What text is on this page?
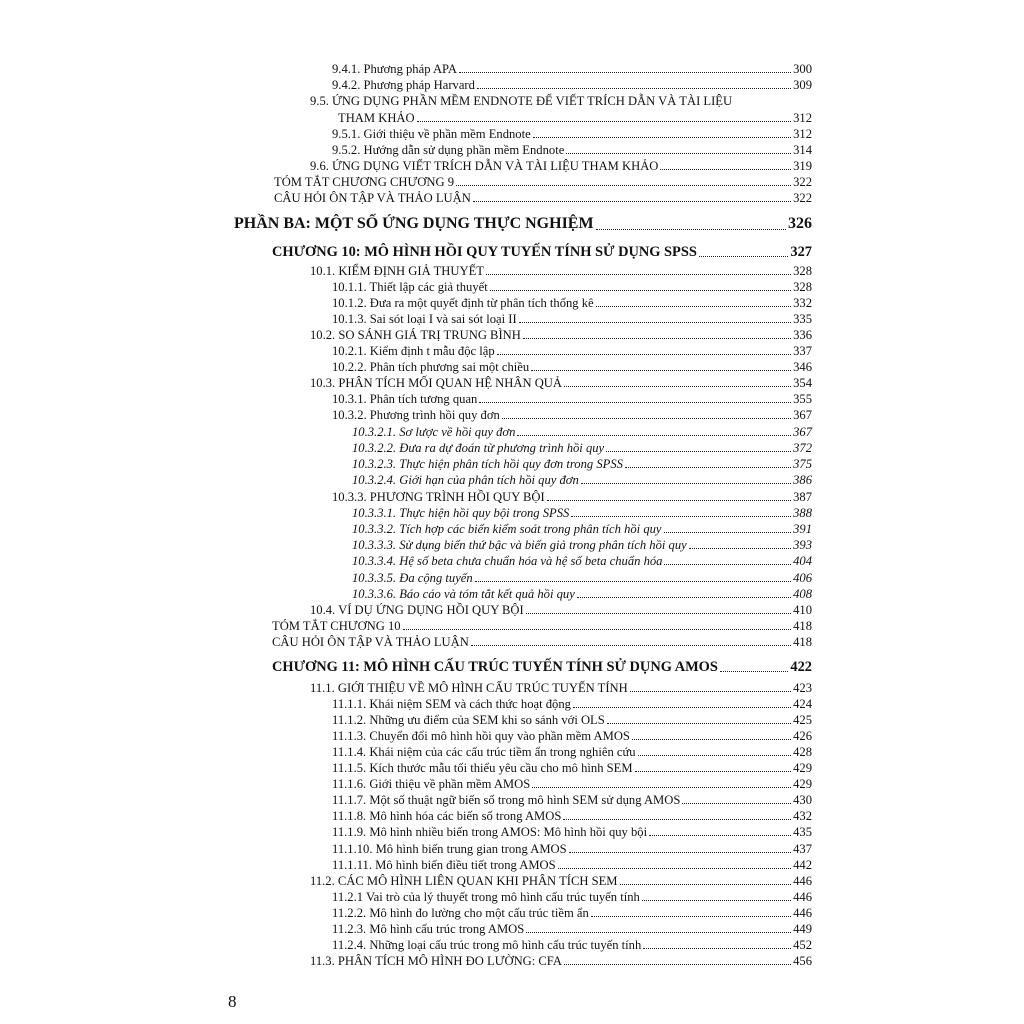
9.4.1. Phương pháp APA	300
9.4.2. Phương pháp Harvard	309
9.5. ỨNG DỤNG PHẦN MỀM ENDNOTE ĐỂ VIẾT TRÍCH DẪN VÀ TÀI LIỆU
THAM KHẢO	312
9.5.1. Giới thiệu về phần mềm Endnote	312
9.5.2. Hướng dẫn sử dụng phần mềm Endnote	314
9.6. ỨNG DỤNG VIẾT TRÍCH DẪN VÀ TÀI LIỆU THAM KHẢO	319
TÓM TẮT CHƯƠNG CHƯƠNG 9	322
CÂU HỎI ÔN TẬP VÀ THẢO LUẬN	322
PHẦN BA: MỘT SỐ ỨNG DỤNG THỰC NGHIỆM	326
CHƯƠNG 10: MÔ HÌNH HỒI QUY TUYẾN TÍNH SỬ DỤNG SPSS	327
10.1. KIỂM ĐỊNH GIẢ THUYẾT	328
10.1.1. Thiết lập các giả thuyết	328
10.1.2. Đưa ra một quyết định từ phân tích thống kê	332
10.1.3. Sai sót loại I và sai sót loại II	335
10.2. SO SÁNH GIÁ TRỊ TRUNG BÌNH	336
10.2.1. Kiểm định t mẫu độc lập	337
10.2.2. Phân tích phương sai một chiều	346
10.3. PHÂN TÍCH MỐI QUAN HỆ NHÂN QUẢ	354
10.3.1. Phân tích tương quan	355
10.3.2. Phương trình hồi quy đơn	367
10.3.2.1. Sơ lược về hồi quy đơn	367
10.3.2.2. Đưa ra dự đoán từ phương trình hồi quy	372
10.3.2.3. Thực hiện phân tích hồi quy đơn trong SPSS	375
10.3.2.4. Giới hạn của phân tích hồi quy đơn	386
10.3.3. PHƯƠNG TRÌNH HỒI QUY BỘI	387
10.3.3.1. Thực hiện hồi quy bội trong SPSS	388
10.3.3.2. Tích hợp các biến kiểm soát trong phân tích hồi quy	391
10.3.3.3. Sử dụng biến thứ bậc và biến giả trong phân tích hồi quy	393
10.3.3.4. Hệ số beta chưa chuẩn hóa và hệ số beta chuẩn hóa	404
10.3.3.5. Đa cộng tuyến	406
10.3.3.6. Báo cáo và tóm tắt kết quả hồi quy	408
10.4. VÍ DỤ ỨNG DỤNG HỒI QUY BỘI	410
TÓM TẮT CHƯƠNG 10	418
CÂU HỎI ÔN TẬP VÀ THẢO LUẬN	418
CHƯƠNG 11: MÔ HÌNH CẤU TRÚC TUYẾN TÍNH SỬ DỤNG AMOS	422
11.1. GIỚI THIỆU VỀ MÔ HÌNH CẤU TRÚC TUYẾN TÍNH	423
11.1.1. Khái niệm SEM và cách thức hoạt động	424
11.1.2. Những ưu điểm của SEM khi so sánh với OLS	425
11.1.3. Chuyển đổi mô hình hồi quy vào phần mềm AMOS	426
11.1.4. Khái niệm của các cấu trúc tiềm ẩn trong nghiên cứu	428
11.1.5. Kích thước mẫu tối thiểu yêu cầu cho mô hình SEM	429
11.1.6. Giới thiệu về phần mềm AMOS	429
11.1.7. Một số thuật ngữ biến số trong mô hình SEM sử dụng AMOS	430
11.1.8. Mô hình hóa các biến số trong AMOS	432
11.1.9. Mô hình nhiều biến trong AMOS: Mô hình hồi quy bội	435
11.1.10. Mô hình biến trung gian trong AMOS	437
11.1.11. Mô hình biến điều tiết trong AMOS	442
11.2. CÁC MÔ HÌNH LIÊN QUAN KHI PHÂN TÍCH SEM	446
11.2.1 Vai trò của lý thuyết trong mô hình cấu trúc tuyến tính	446
11.2.2. Mô hình đo lường cho một cấu trúc tiềm ẩn	446
11.2.3. Mô hình cấu trúc trong AMOS	449
11.2.4. Những loại cấu trúc trong mô hình cấu trúc tuyến tính	452
11.3. PHÂN TÍCH MÔ HÌNH ĐO LƯỜNG: CFA	456
8
